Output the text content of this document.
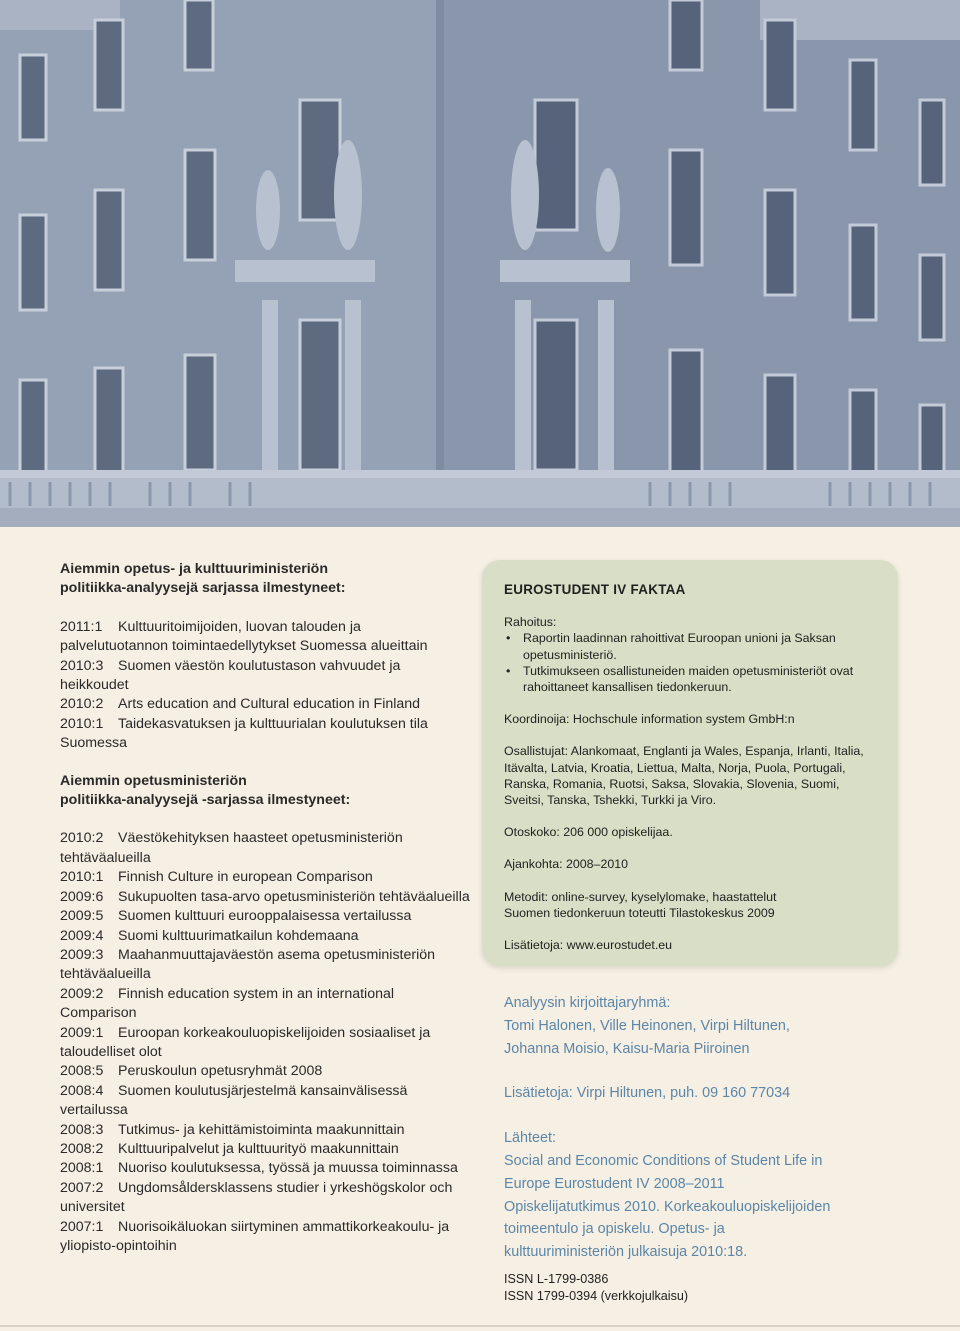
Aiemmin opetus- ja kulttuuriministeriön
politiikka-analyysejä sarjassa ilmestyneet:

2011:1 Kulttuuritoimijoiden, luovan talouden ja palvelutuotannon toimintaedellytykset Suomessa alueittain
2010:3 Suomen väestön koulutustason vahvuudet ja heikkoudet
2010:2 Arts education and Cultural education in Finland
2010:1 Taidekasvatuksen ja kulttuurialan koulutuksen tila Suomessa

Aiemmin opetusministeriön
politiikka-analyysejä -sarjassa ilmestyneet:

2010:2 Väestökehityksen haasteet opetusministeriön tehtäväalueilla
2010:1 Finnish Culture in european Comparison
2009:6 Sukupuolten tasa-arvo opetusministeriön tehtäväalueilla
2009:5 Suomen kulttuuri eurooppalaisessa vertailussa
2009:4 Suomi kulttuurimatkailun kohdemaana
2009:3 Maahanmuuttajaväestön asema opetusministeriön tehtäväalueilla
2009:2 Finnish education system in an international Comparison
2009:1 Euroopan korkeakouluopiskelijoiden sosiaaliset ja taloudelliset olot
2008:5 Peruskoulun opetusryhmät 2008
2008:4 Suomen koulutusjärjestelmä kansainvälisessä vertailussa
2008:3 Tutkimus- ja kehittämistoiminta maakunnittain
2008:2 Kulttuuripalvelut ja kulttuurityö maakunnittain
2008:1 Nuoriso koulutuksessa, työssä ja muussa toiminnassa
2007:2 Ungdomsåldersklassens studier i yrkeshögskolor och universitet
2007:1 Nuorisoikäluokan siirtyminen ammattikorkeakoulu- ja yliopisto-opintoihin

EUROSTUDENT IV FAKTAA

Rahoitus:

• Raportin laadinnan rahoittivat Euroopan unioni ja Saksan opetusministeriö.
• Tutkimukseen osallistuneiden maiden opetusministeriöt ovat rahoittaneet kansallisen tiedonkeruun.

Koordinoija: Hochschule information system GmbH:n

Osallistujat: Alankomaat, Englanti ja Wales, Espanja, Irlanti, Italia, Itävalta, Latvia, Kroatia, Liettua, Malta, Norja, Puola, Portugali, Ranska, Romania, Ruotsi, Saksa, Slovakia, Slovenia, Suomi, Sveitsi, Tanska, Tshekki, Turkki ja Viro.

Otoskoko: 206 000 opiskelijaa.

Ajankohta: 2008–2010

Metodit: online-survey, kyselylomake, haastattelut
Suomen tiedonkeruun toteutti Tilastokeskus 2009

Lisätietoja: www.eurostudet.eu

Analyysin kirjoittajaryhmä:

Tomi Halonen, Ville Heinonen, Virpi Hiltunen,

Johanna Moisio, Kaisu-Maria Piiroinen

Lisätietoja: Virpi Hiltunen, puh. 09 160 77034

Lähteet:

Social and Economic Conditions of Student Life in

Europe Eurostudent IV 2008–2011

Opiskelijatutkimus 2010. Korkeakouluopiskelijoiden

toimeentulo ja opiskelu. Opetus- ja

kulttuuriministeriön julkaisuja 2010:18.

ISSN L-1799-0386
ISSN 1799-0394 (verkkojulkaisu)
